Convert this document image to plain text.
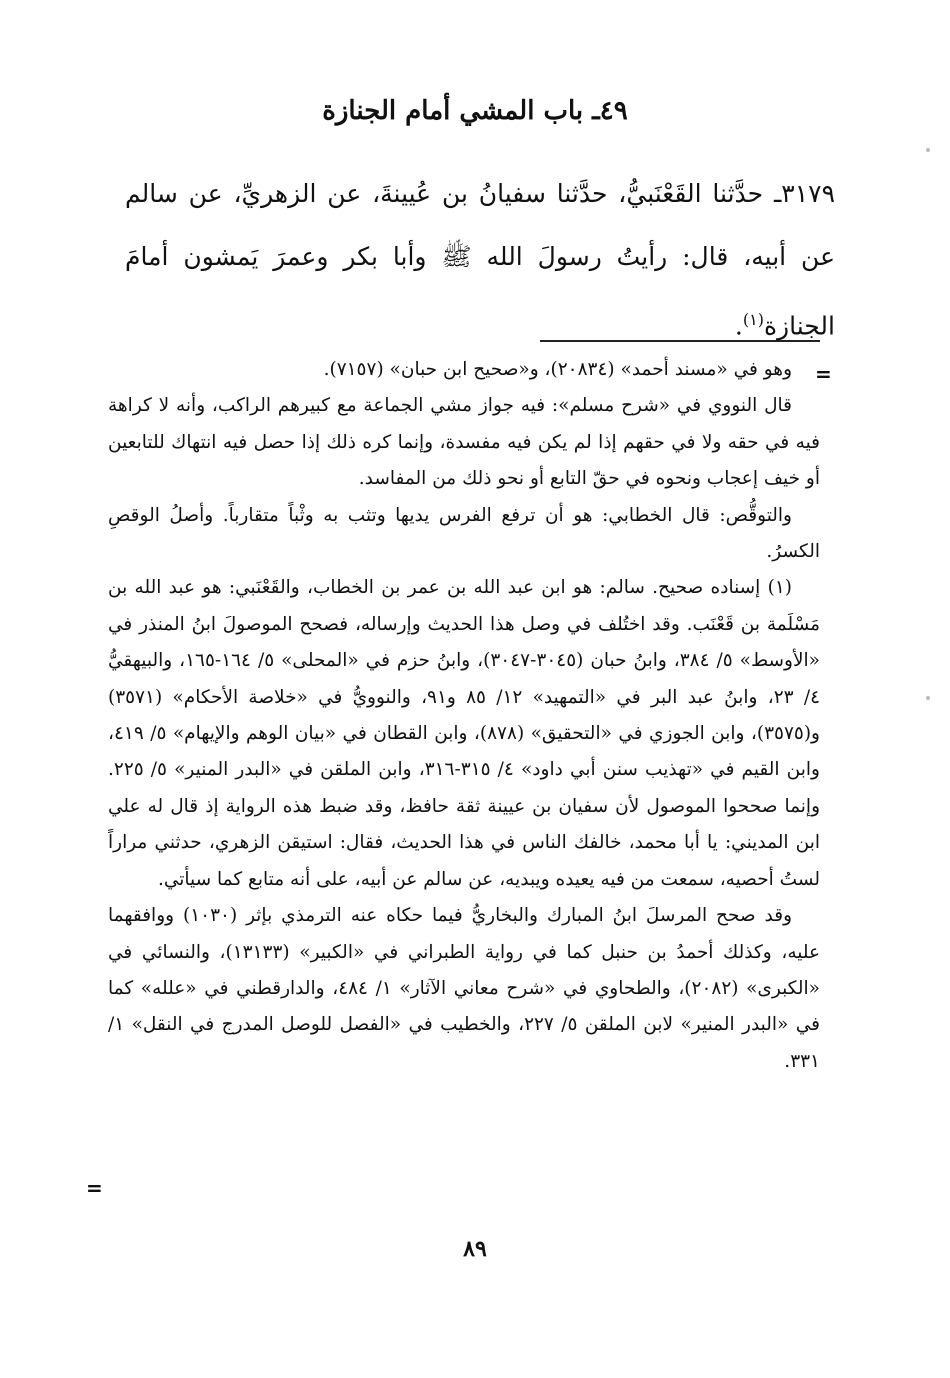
٤٩ـ باب المشي أمام الجنازة

٣١٧٩ـ حدَّثنا القَعْنَبيُّ، حدَّثنا سفيانُ بن عُيينةَ، عن الزهريِّ، عن سالم عن أبيه، قال: رأيتُ رسولَ الله ﷺ وأبا بكر وعمرَ يَمشون أمامَ الجنازة$^{(١)}$.

=

وهو في «مسند أحمد» (٢٠٨٣٤)، و«صحيح ابن حبان» (٧١٥٧).

قال النووي في «شرح مسلم»: فيه جواز مشي الجماعة مع كبيرهم الراكب، وأنه لا كراهة فيه في حقه ولا في حقهم إذا لم يكن فيه مفسدة، وإنما كره ذلك إذا حصل فيه انتهاك للتابعين أو خيف إعجاب ونحوه في حقّ التابع أو نحو ذلك من المفاسد.

والتوقُّص: قال الخطابي: هو أن ترفع الفرس يديها وتثب به وثْباً متقارباً. وأصلُ الوقصِ الكسرُ.

(١) إسناده صحيح. سالم: هو ابن عبد الله بن عمر بن الخطاب، والقَعْنَبي: هو عبد الله بن مَسْلَمة بن قَعْنَب. وقد اختُلف في وصل هذا الحديث وإرساله، فصحح الموصولَ ابنُ المنذر في «الأوسط» ٥/ ٣٨٤، وابنُ حبان (٣٠٤٥-٣٠٤٧)، وابنُ حزم في «المحلى» ٥/ ١٦٤-١٦٥، والبيهقيُّ ٤/ ٢٣، وابنُ عبد البر في «التمهيد» ١٢/ ٨٥ و٩١، والنوويُّ في «خلاصة الأحكام» (٣٥٧١) و(٣٥٧٥)، وابن الجوزي في «التحقيق» (٨٧٨)، وابن القطان في «بيان الوهم والإيهام» ٥/ ٤١٩، وابن القيم في «تهذيب سنن أبي داود» ٤/ ٣١٥-٣١٦، وابن الملقن في «البدر المنير» ٥/ ٢٢٥. وإنما صححوا الموصول لأن سفيان بن عيينة ثقة حافظ، وقد ضبط هذه الرواية إذ قال له علي ابن المديني: يا أبا محمد، خالفك الناس في هذا الحديث، فقال: استيقن الزهري، حدثني مراراً لستُ أحصيه، سمعت من فيه يعيده ويبديه، عن سالم عن أبيه، على أنه متابع كما سيأتي.

وقد صحح المرسلَ ابنُ المبارك والبخاريُّ فيما حكاه عنه الترمذي بإثر (١٠٣٠) ووافقهما عليه، وكذلك أحمدُ بن حنبل كما في رواية الطبراني في «الكبير» (١٣١٣٣)، والنسائي في «الكبرى» (٢٠٨٢)، والطحاوي في «شرح معاني الآثار» ١/ ٤٨٤، والدارقطني في «علله» كما في «البدر المنير» لابن الملقن ٥/ ٢٢٧، والخطيب في «الفصل للوصل المدرج في النقل» ١/ ٣٣١.

=
٨٩
